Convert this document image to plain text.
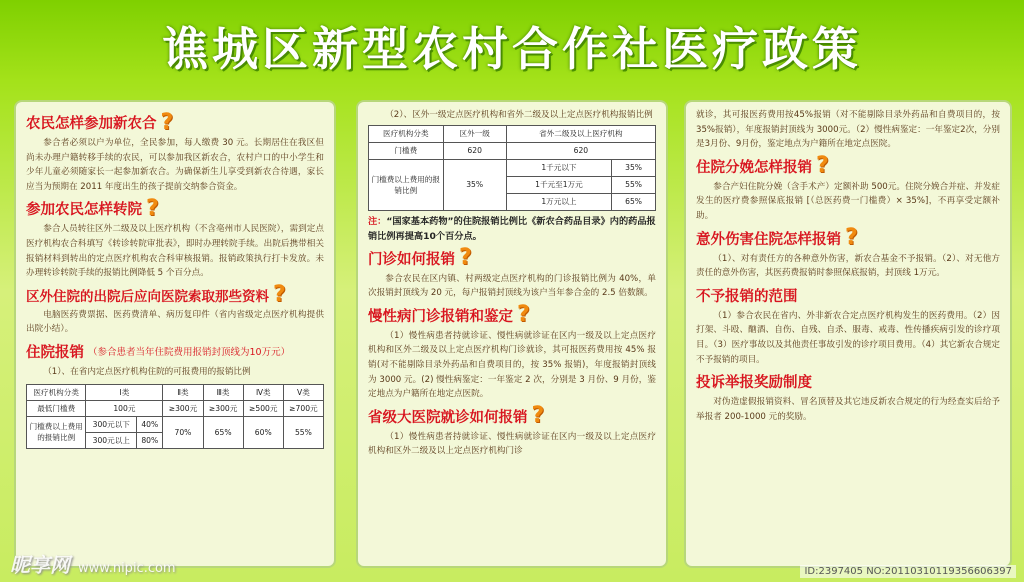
谯城区新型农村合作社医疗政策
农民怎样参加新农合 ?

参合者必须以户为单位，全民参加，每人缴费 30 元。长期居住在我区但尚未办理户籍转移手续的农民，可以参加我区新农合，农村户口的中小学生和少年儿童必须随家长一起参加新农合。为确保新生儿享受到新农合待遇，家长应当为预期在 2011 年度出生的孩子提前交纳参合资金。

参加农民怎样转院 ?

参合人员转往区外二级及以上医疗机构（不含亳州市人民医院），需到定点医疗机构农合科填写《转诊转院审批表》，即时办理转院手续。出院后携带相关报销材料到转出的定点医疗机构农合科审核报销。报销政策执行打卡发放。未办理转诊转院手续的报销比例降低 5 个百分点。

区外住院的出院后应向医院索取那些资料 ?

电脑医药费票据、医药费清单、病历复印件（省内省级定点医疗机构提供出院小结）。

住院报销 （参合患者当年住院费用报销封顶线为10万元）

（1）、在省内定点医疗机构住院的可报费用的报销比例

医疗机构分类	Ⅰ类		Ⅱ类	Ⅲ类	Ⅳ类	Ⅴ类
最低门槛费	100元		≥300元	≥300元	≥500元	≥700元
门槛费以上费用的报销比例	300元以下	40%	70%	65%	60%	55%
	300元以上	80%				

（2）、区外一级定点医疗机构和省外二级及以上定点医疗机构报销比例

医疗机构分类	区外一级	省外二级及以上医疗机构	
门槛费	620	620	
门槛费以上费用的报销比例	35%	1千元以下	35%
		1千元至1万元	55%
		1万元以上	65%

注：“国家基本药物”的住院报销比例比《新农合药品目录》内的药品报销比例再提高10个百分点。

门诊如何报销 ?

参合农民在区内镇、村两级定点医疗机构的门诊报销比例为 40%，单次报销封顶线为 20 元，每户报销封顶线为该户当年参合金的 2.5 倍数额。

慢性病门诊报销和鉴定 ?

（1）慢性病患者持就诊证、慢性病就诊证在区内一级及以上定点医疗机构和区外二级及以上定点医疗机构门诊就诊，其可报医药费用按 45% 报销(对不能剔除目录外药品和自费项目的，按 35% 报销)，年度报销封顶线为 3000 元。(2) 慢性病鉴定：一年鉴定 2 次，分别是 3 月份、9 月份，鉴定地点为户籍所在地定点医院。

省级大医院就诊如何报销 ?

（1）慢性病患者持就诊证、慢性病就诊证在区内一级及以上定点医疗机构和区外二级及以上定点医疗机构门诊

就诊，其可报医药费用按45%报销（对不能剔除目录外药品和自费项目的，按35%报销），年度报销封顶线为 3000元。（2）慢性病鉴定：一年鉴定2次，分别是3月份、9月份，鉴定地点为户籍所在地定点医院。

住院分娩怎样报销 ?

参合产妇住院分娩（含手术产）定额补助 500元。住院分娩合并症、并发症发生的医疗费参照保底报销 [（总医药费一门槛费）× 35%]，不再享受定额补助。

意外伤害住院怎样报销 ?

（1）、对有责任方的各种意外伤害，新农合基金不予报销。（2）、对无他方责任的意外伤害，其医药费报销时参照保底报销，封顶线 1万元。

不予报销的范围

（1）参合农民在省内、外非新农合定点医疗机构发生的医药费用。（2）因打架、斗殴、酗酒、自伤、自残、自杀、服毒、戒毒、性传播疾病引发的诊疗项目。（3）医疗事故以及其他责任事故引发的诊疗项目费用。（4）其它新农合规定不予报销的项目。

投诉举报奖励制度

对伪造虚假报销资料、冒名顶替及其它违反新农合规定的行为经查实后给予举报者 200-1000 元的奖励。

昵享网 www.nipic.com	ID:2397405 NO:20110310119356606397
